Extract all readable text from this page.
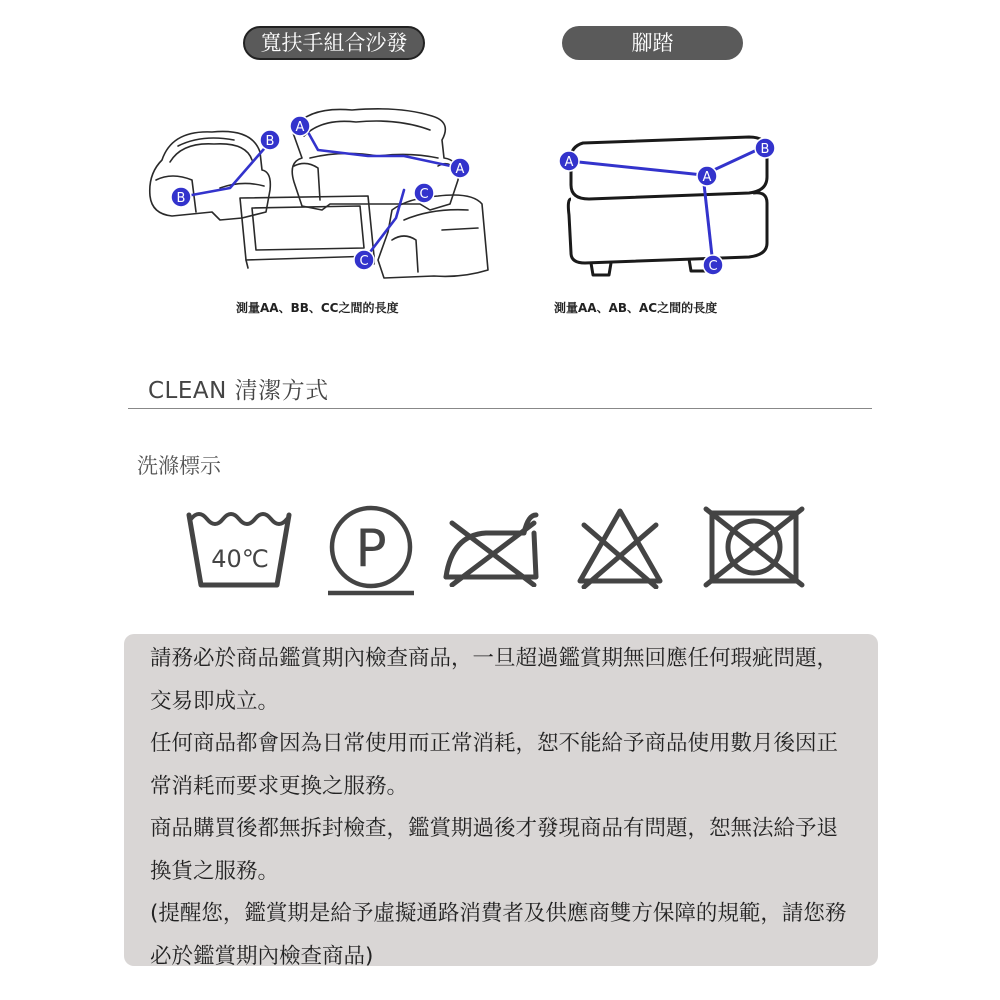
寬扶手組合沙發	腳踏
B
B
A
A
C
C
A
A
B
C
測量AA、BB、CC之間的長度	測量AA、AB、AC之間的長度
CLEAN 清潔方式
洗滌標示
40℃ P

請務必於商品鑑賞期內檢查商品，一旦超過鑑賞期無回應任何瑕疵問題，交易即成立。

任何商品都會因為日常使用而正常消耗，恕不能給予商品使用數月後因正常消耗而要求更換之服務。

商品購買後都無拆封檢查，鑑賞期過後才發現商品有問題，恕無法給予退換貨之服務。

(提醒您，鑑賞期是給予虛擬通路消費者及供應商雙方保障的規範，請您務必於鑑賞期內檢查商品)
